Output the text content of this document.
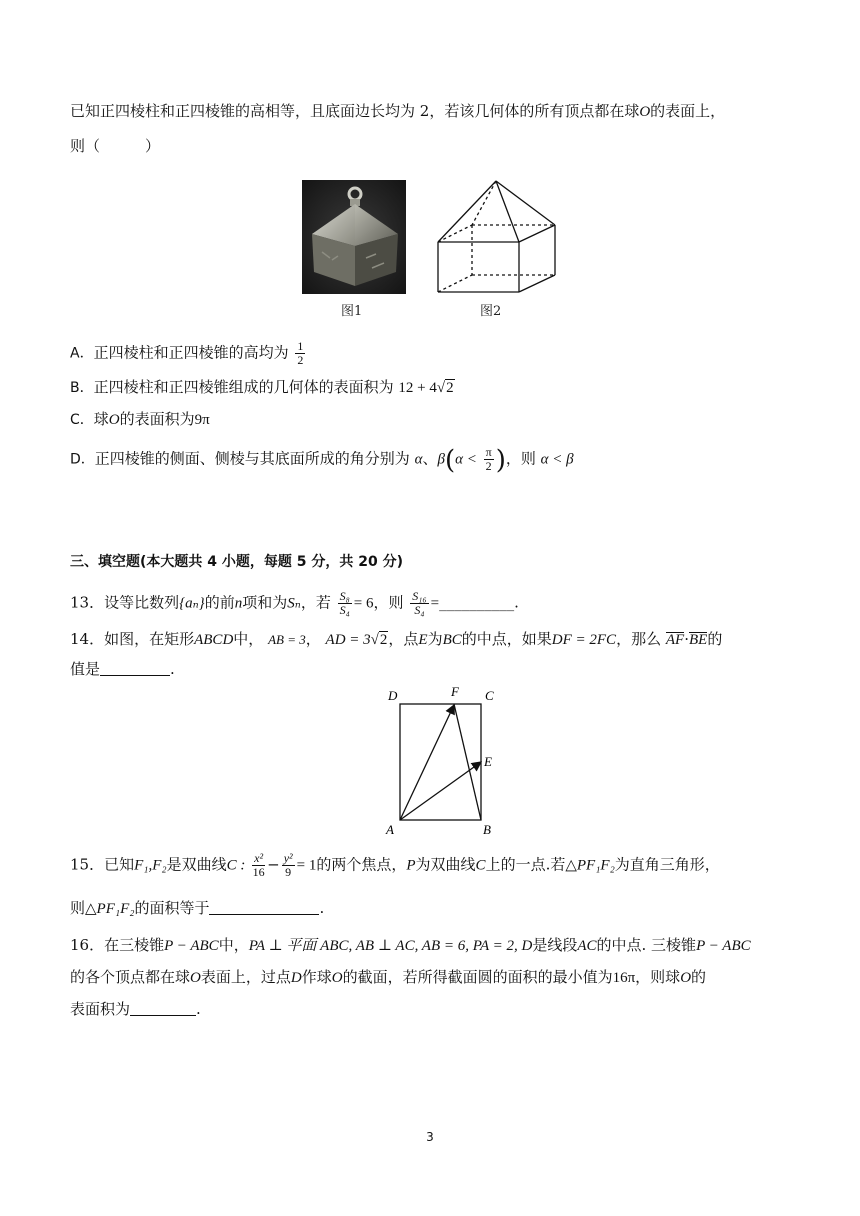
已知正四棱柱和正四棱锥的高相等，且底面边长均为 2，若该几何体的所有顶点都在球O的表面上，
则（　　　）
图1	图2
A．正四棱柱和正四棱锥的高均为 $\frac{1}{2}$
B．正四棱柱和正四棱锥组成的几何体的表面积为 12 + 4√2
C．球O的表面积为9π
D．正四棱锥的侧面、侧棱与其底面所成的角分别为 α、$\beta(\alpha < \frac{\pi}{2}$ )，则 α < β
三、填空题(本大题共 4 小题，每题 5 分，共 20 分)
13．设等比数列{aₙ}的前n项和为Sₙ，若 $\frac{\text{S₈}}{\text{S₄}} = 6$，则 $\frac{\text{S₁₆}}{\text{S₄}}$ =__________.
14．如图，在矩形ABCD中， AB = 3， AD = 3√2，点E为BC的中点，如果DF = 2FC，那么 AF·BE的
值是	.
D	F C
E
A	B
15．已知F₁,F₂是双曲线C : $\frac{\text{x²}}{16} - \frac{\text{y²}}{9} = 1$的两个焦点，P为双曲线C上的一点.若△PF₁F₂为直角三角形，
则△PF₁F₂的面积等于	.
16．在三棱锥P − ABC中，PA ⊥ 平面 ABC, AB ⊥ AC, AB = 6, PA = 2, D是线段AC的中点. 三棱锥P − ABC
的各个顶点都在球O表面上，过点D作球O的截面，若所得截面圆的面积的最小值为16π，则球O的
表面积为	.
3
